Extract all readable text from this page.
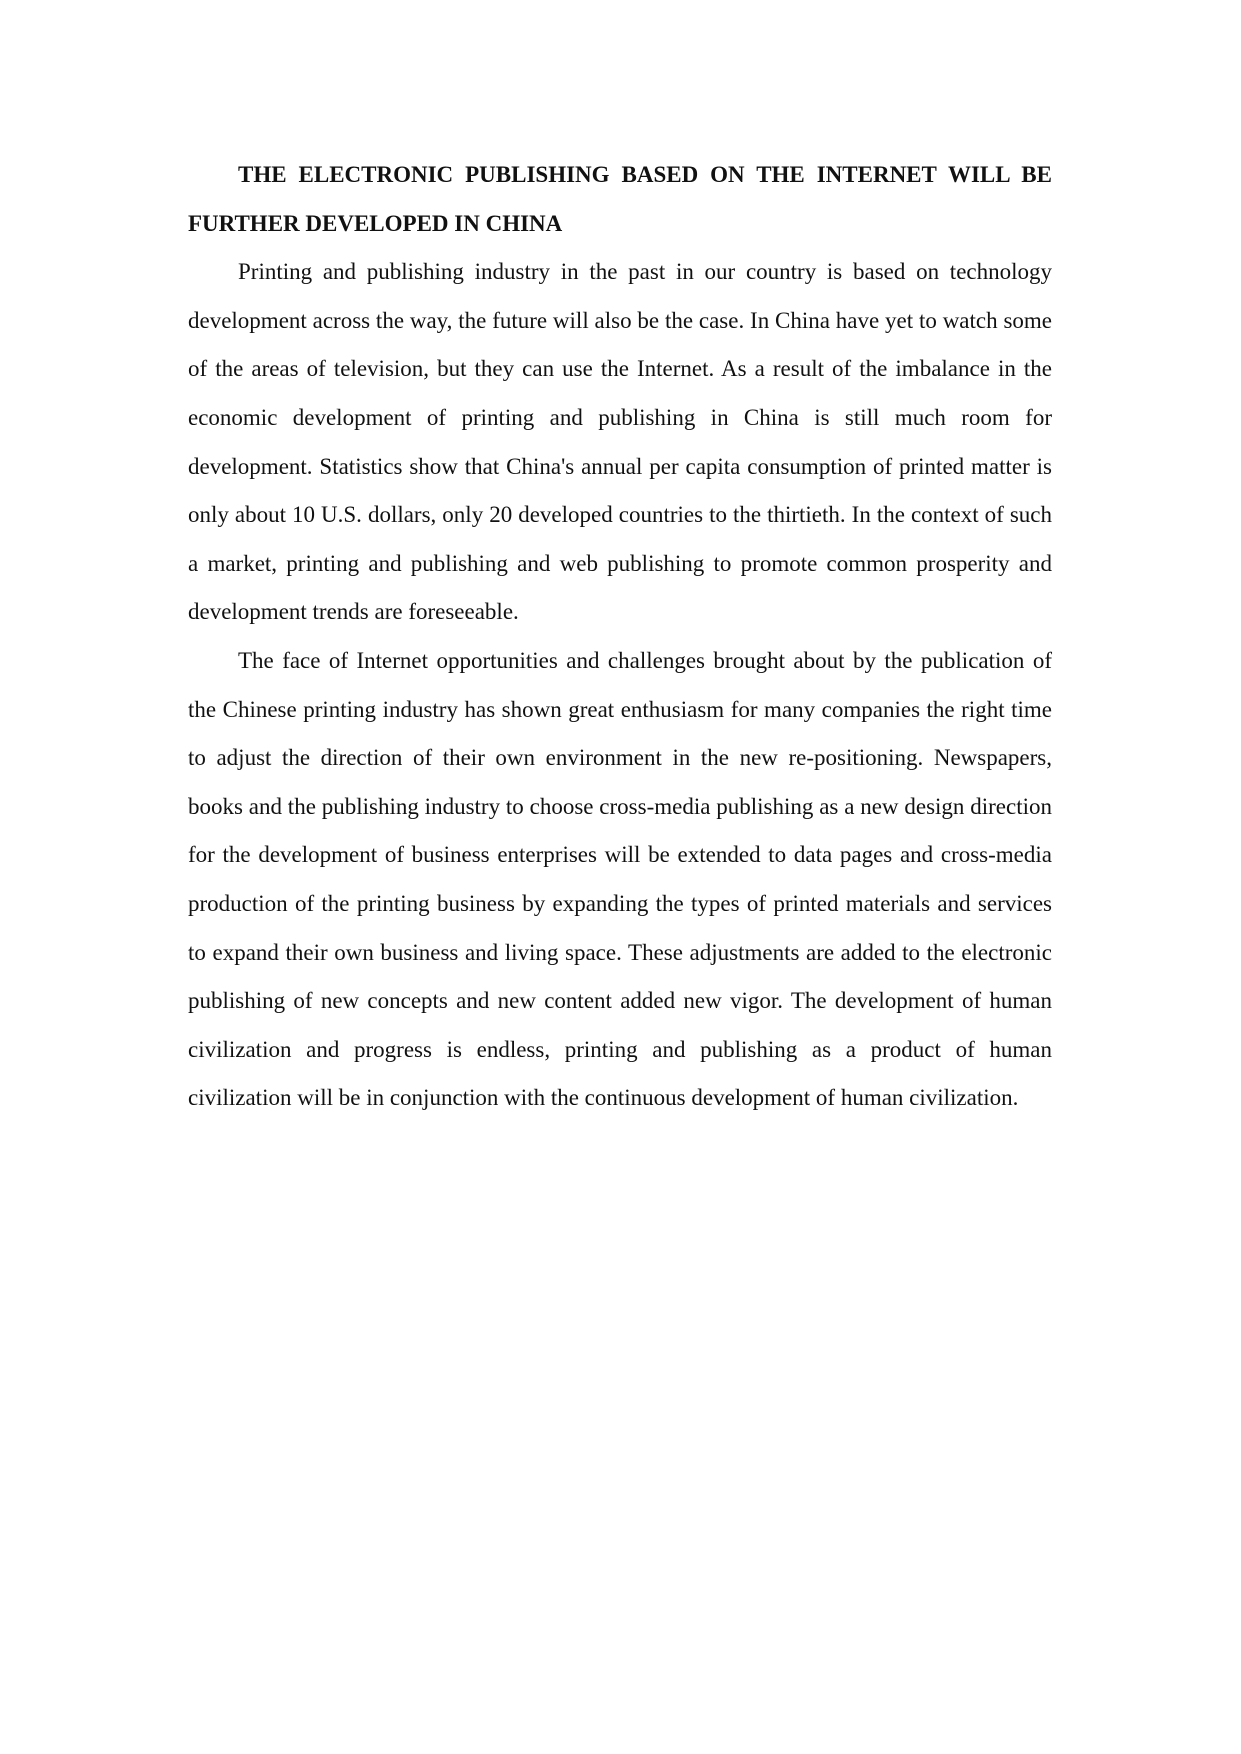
THE ELECTRONIC PUBLISHING BASED ON THE INTERNET WILL BE FURTHER DEVELOPED IN CHINA

Printing and publishing industry in the past in our country is based on technology development across the way, the future will also be the case. In China have yet to watch some of the areas of television, but they can use the Internet. As a result of the imbalance in the economic development of printing and publishing in China is still much room for development. Statistics show that China's annual per capita consumption of printed matter is only about 10 U.S. dollars, only 20 developed countries to the thirtieth. In the context of such a market, printing and publishing and web publishing to promote common prosperity and development trends are foreseeable.

The face of Internet opportunities and challenges brought about by the publication of the Chinese printing industry has shown great enthusiasm for many companies the right time to adjust the direction of their own environment in the new re-positioning. Newspapers, books and the publishing industry to choose cross-media publishing as a new design direction for the development of business enterprises will be extended to data pages and cross-media production of the printing business by expanding the types of printed materials and services to expand their own business and living space. These adjustments are added to the electronic publishing of new concepts and new content added new vigor. The development of human civilization and progress is endless, printing and publishing as a product of human civilization will be in conjunction with the continuous development of human civilization.
